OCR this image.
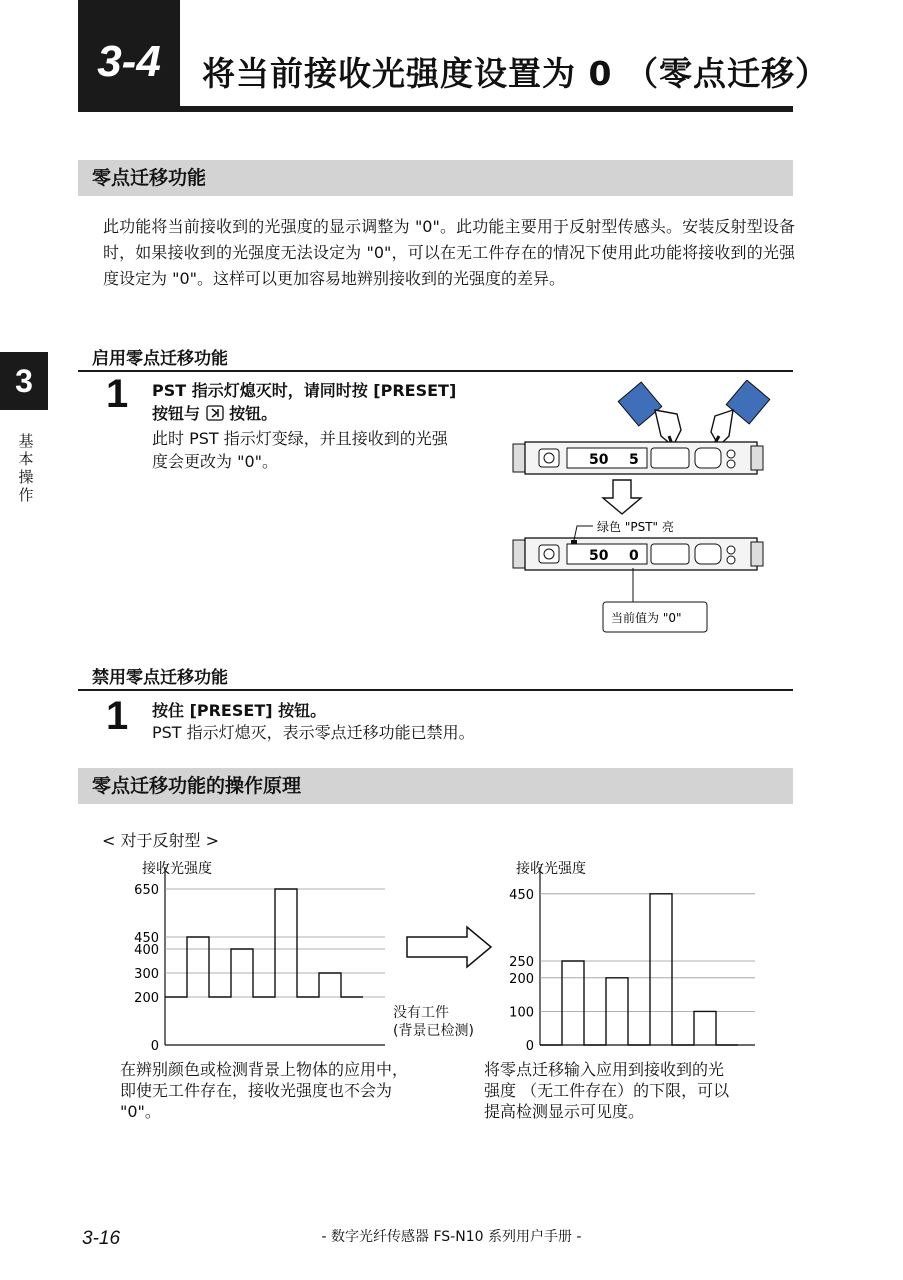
3-4	将当前接收光强度设置为 0 （零点迁移）
3
基本操作
零点迁移功能
此功能将当前接收到的光强度的显示调整为 "0"。此功能主要用于反射型传感头。安装反射型设备时，如果接收到的光强度无法设定为 "0"，可以在无工件存在的情况下使用此功能将接收到的光强度设定为 "0"。这样可以更加容易地辨别接收到的光强度的差异。
启用零点迁移功能
1 PST 指示灯熄灭时，请同时按 [PRESET]
按钮与 按钮。
此时 PST 指示灯变绿，并且接收到的光强
度会更改为 "0"。	50 5
50 0
绿色 "PST" 亮
当前值为 "0"
禁用零点迁移功能
1 按住 [PRESET] 按钮。
PST 指示灯熄灭，表示零点迁移功能已禁用。
零点迁移功能的操作原理
< 对于反射型 >
接收光强度
0
200
300
400
450
650
接收光强度
0
100
200
250
450
没有工件
(背景已检测)
在辨别颜色或检测背景上物体的应用中，
即使无工件存在，接收光强度也不会为
"0"。
将零点迁移输入应用到接收到的光
强度 （无工件存在）的下限，可以
提高检测显示可见度。
3-16	- 数字光纤传感器 FS-N10 系列用户手册 -
